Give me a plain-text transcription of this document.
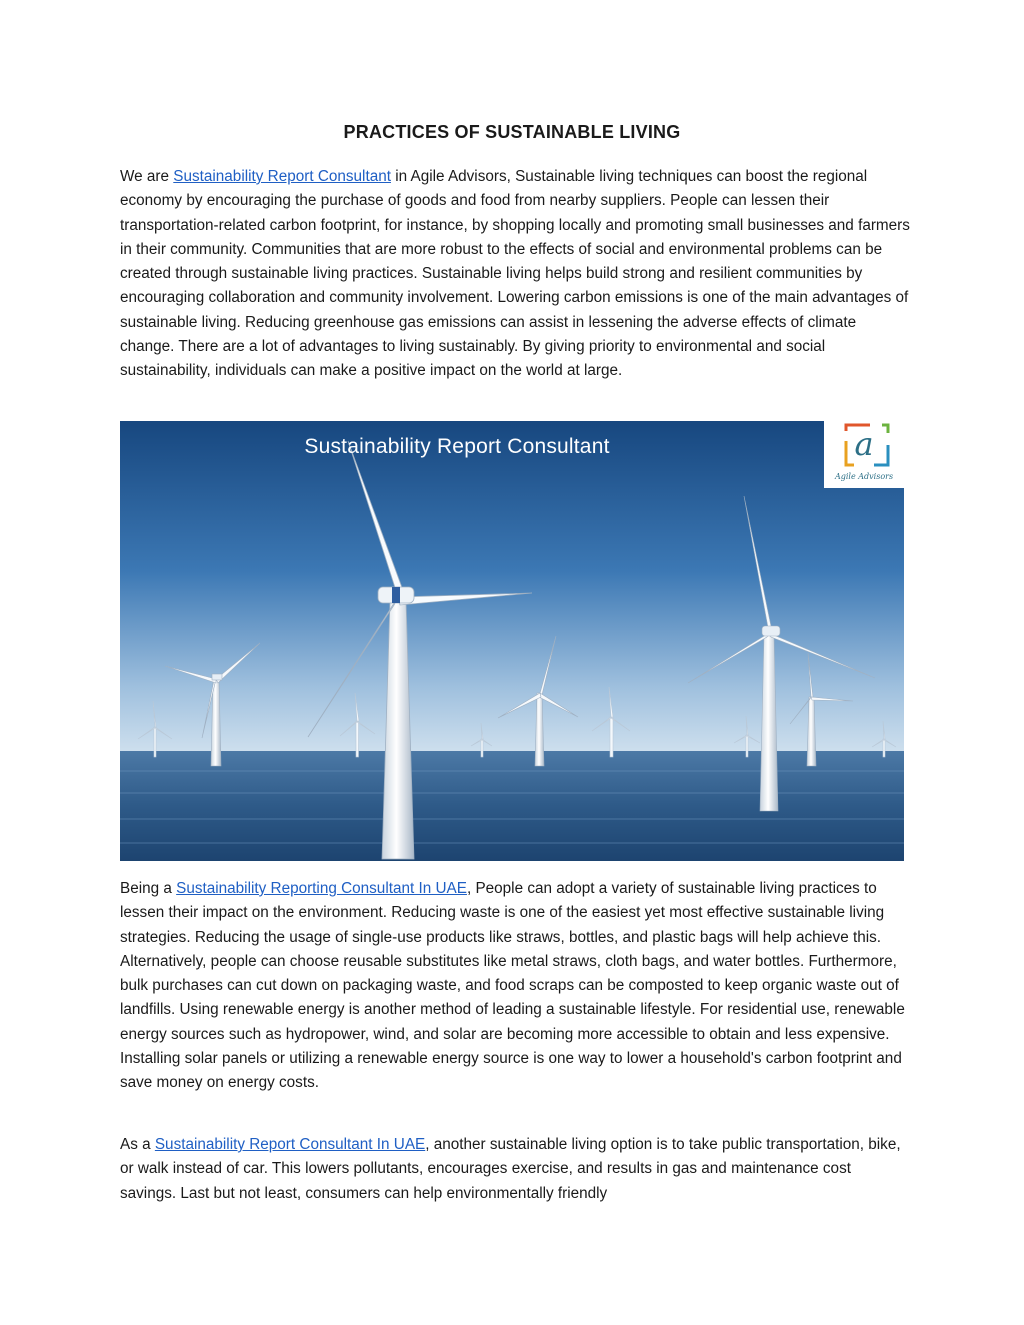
PRACTICES OF SUSTAINABLE LIVING

We are Sustainability Report Consultant in Agile Advisors, Sustainable living techniques can boost the regional economy by encouraging the purchase of goods and food from nearby suppliers. People can lessen their transportation-related carbon footprint, for instance, by shopping locally and promoting small businesses and farmers in their community. Communities that are more robust to the effects of social and environmental problems can be created through sustainable living practices. Sustainable living helps build strong and resilient communities by encouraging collaboration and community involvement. Lowering carbon emissions is one of the main advantages of sustainable living. Reducing greenhouse gas emissions can assist in lessening the adverse effects of climate change. There are a lot of advantages to living sustainably. By giving priority to environmental and social sustainability, individuals can make a positive impact on the world at large.

Sustainability Report Consultant	a
Agile Advisors

Being a Sustainability Reporting Consultant In UAE, People can adopt a variety of sustainable living practices to lessen their impact on the environment. Reducing waste is one of the easiest yet most effective sustainable living strategies. Reducing the usage of single-use products like straws, bottles, and plastic bags will help achieve this. Alternatively, people can choose reusable substitutes like metal straws, cloth bags, and water bottles. Furthermore, bulk purchases can cut down on packaging waste, and food scraps can be composted to keep organic waste out of landfills. Using renewable energy is another method of leading a sustainable lifestyle. For residential use, renewable energy sources such as hydropower, wind, and solar are becoming more accessible to obtain and less expensive. Installing solar panels or utilizing a renewable energy source is one way to lower a household's carbon footprint and save money on energy costs.

As a Sustainability Report Consultant In UAE, another sustainable living option is to take public transportation, bike, or walk instead of car. This lowers pollutants, encourages exercise, and results in gas and maintenance cost savings. Last but not least, consumers can help environmentally friendly
